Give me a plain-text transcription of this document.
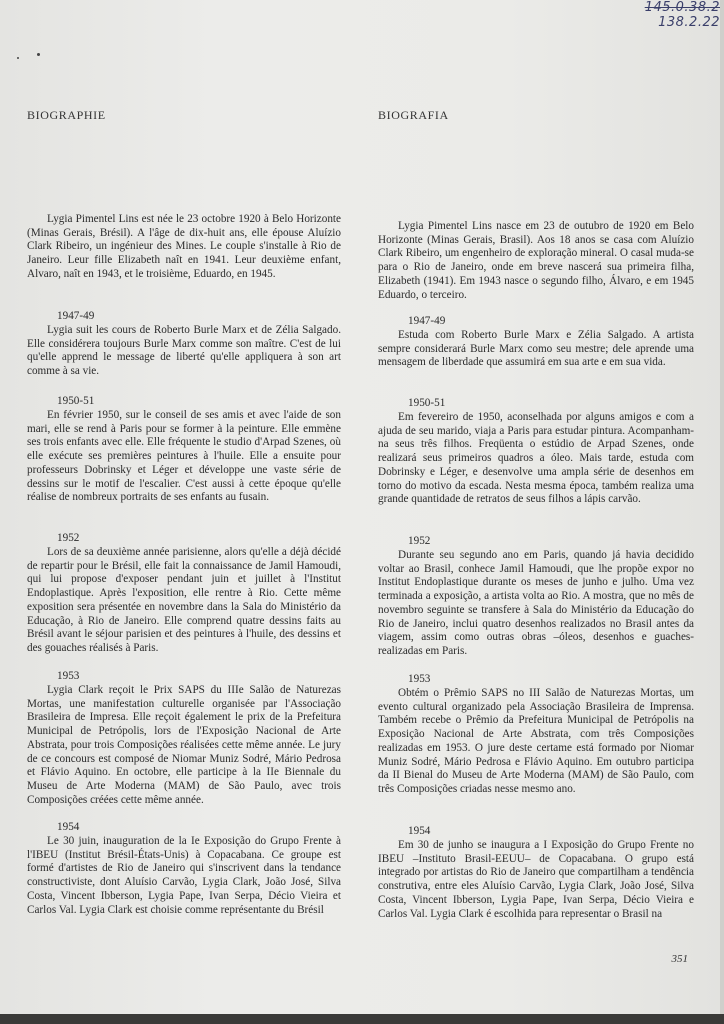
145.0.38.2
138.2.22
BIOGRAPHIE	BIOGRAFIA

Lygia Pimentel Lins est née le 23 octobre 1920 à Belo Horizonte (Minas Gerais, Brésil). A l'âge de dix-huit ans, elle épouse Aluízio Clark Ribeiro, un ingénieur des Mines. Le couple s'installe à Rio de Janeiro. Leur fille Elizabeth naît en 1941. Leur deuxième enfant, Alvaro, naît en 1943, et le troisième, Eduardo, en 1945.

1947-49

Lygia suit les cours de Roberto Burle Marx et de Zélia Salgado. Elle considérera toujours Burle Marx comme son maître. C'est de lui qu'elle apprend le message de liberté qu'elle appliquera à son art comme à sa vie.

1950-51

En février 1950, sur le conseil de ses amis et avec l'aide de son mari, elle se rend à Paris pour se former à la peinture. Elle emmène ses trois enfants avec elle. Elle fréquente le studio d'Arpad Szenes, où elle exécute ses premières peintures à l'huile. Elle a ensuite pour professeurs Dobrinsky et Léger et développe une vaste série de dessins sur le motif de l'escalier. C'est aussi à cette époque qu'elle réalise de nombreux portraits de ses enfants au fusain.

1952

Lors de sa deuxième année parisienne, alors qu'elle a déjà décidé de repartir pour le Brésil, elle fait la connaissance de Jamil Hamoudi, qui lui propose d'exposer pendant juin et juillet à l'Institut Endoplastique. Après l'exposition, elle rentre à Rio. Cette même exposition sera présentée en novembre dans la Sala do Ministério da Educação, à Rio de Janeiro. Elle comprend quatre dessins faits au Brésil avant le séjour parisien et des peintures à l'huile, des dessins et des gouaches réalisés à Paris.

1953

Lygia Clark reçoit le Prix SAPS du IIIe Salão de Naturezas Mortas, une manifestation culturelle organisée par l'Associação Brasileira de Impresa. Elle reçoit également le prix de la Prefeitura Municipal de Petrópolis, lors de l'Exposição Nacional de Arte Abstrata, pour trois Composições réalisées cette même année. Le jury de ce concours est composé de Niomar Muniz Sodré, Mário Pedrosa et Flávio Aquino. En octobre, elle participe à la IIe Biennale du Museu de Arte Moderna (MAM) de São Paulo, avec trois Composições créées cette même année.

1954

Le 30 juin, inauguration de la Ie Exposição do Grupo Frente à l'IBEU (Institut Brésil-États-Unis) à Copacabana. Ce groupe est formé d'artistes de Rio de Janeiro qui s'inscrivent dans la tendance constructiviste, dont Aluísio Carvão, Lygia Clark, João José, Silva Costa, Vincent Ibberson, Lygia Pape, Ivan Serpa, Décio Vieira et Carlos Val. Lygia Clark est choisie comme représentante du Brésil

Lygia Pimentel Lins nasce em 23 de outubro de 1920 em Belo Horizonte (Minas Gerais, Brasil). Aos 18 anos se casa com Aluízio Clark Ribeiro, um engenheiro de exploração mineral. O casal muda-se para o Rio de Janeiro, onde em breve nascerá sua primeira filha, Elizabeth (1941). Em 1943 nasce o segundo filho, Álvaro, e em 1945 Eduardo, o terceiro.

1947-49

Estuda com Roberto Burle Marx e Zélia Salgado. A artista sempre considerará Burle Marx como seu mestre; dele aprende uma mensagem de liberdade que assumirá em sua arte e em sua vida.

1950-51

Em fevereiro de 1950, aconselhada por alguns amigos e com a ajuda de seu marido, viaja a Paris para estudar pintura. Acompanham-na seus três filhos. Freqüenta o estúdio de Arpad Szenes, onde realizará seus primeiros quadros a óleo. Mais tarde, estuda com Dobrinsky e Léger, e desenvolve uma ampla série de desenhos em torno do motivo da escada. Nesta mesma época, também realiza uma grande quantidade de retratos de seus filhos a lápis carvão.

1952

Durante seu segundo ano em Paris, quando já havia decidido voltar ao Brasil, conhece Jamil Hamoudi, que lhe propõe expor no Institut Endoplastique durante os meses de junho e julho. Uma vez terminada a exposição, a artista volta ao Rio. A mostra, que no mês de novembro seguinte se transfere à Sala do Ministério da Educação do Rio de Janeiro, inclui quatro desenhos realizados no Brasil antes da viagem, assim como outras obras –óleos, desenhos e guaches- realizadas em Paris.

1953

Obtém o Prêmio SAPS no III Salão de Naturezas Mortas, um evento cultural organizado pela Associação Brasileira de Imprensa. Também recebe o Prêmio da Prefeitura Municipal de Petrópolis na Exposição Nacional de Arte Abstrata, com três Composições realizadas em 1953. O jure deste certame está formado por Niomar Muniz Sodré, Mário Pedrosa e Flávio Aquino. Em outubro participa da II Bienal do Museu de Arte Moderna (MAM) de São Paulo, com três Composições criadas nesse mesmo ano.

1954

Em 30 de junho se inaugura a I Exposição do Grupo Frente no IBEU –Instituto Brasil-EEUU– de Copacabana. O grupo está integrado por artistas do Rio de Janeiro que compartilham a tendência construtiva, entre eles Aluísio Carvão, Lygia Clark, João José, Silva Costa, Vincent Ibberson, Lygia Pape, Ivan Serpa, Décio Vieira e Carlos Val. Lygia Clark é escolhida para representar o Brasil na

351
